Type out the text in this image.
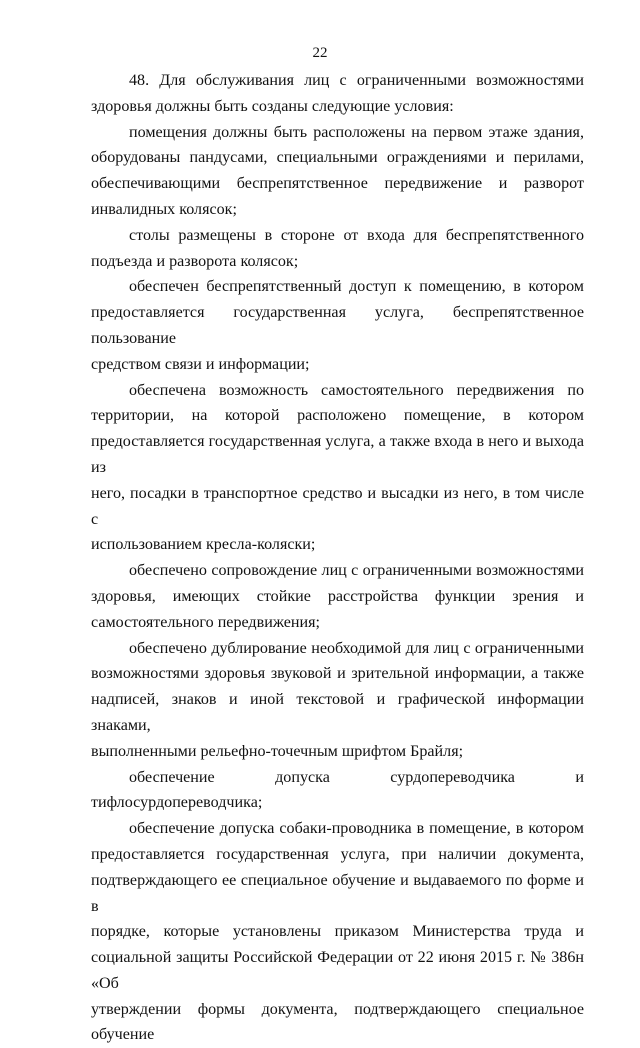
22

48. Для обслуживания лиц с ограниченными возможностями
здоровья должны быть созданы следующие условия:

помещения должны быть расположены на первом этаже здания,
оборудованы пандусами, специальными ограждениями и перилами,
обеспечивающими беспрепятственное передвижение и разворот
инвалидных колясок;

столы размещены в стороне от входа для беспрепятственного
подъезда и разворота колясок;

обеспечен беспрепятственный доступ к помещению, в котором
предоставляется государственная услуга, беспрепятственное пользование
средством связи и информации;

обеспечена возможность самостоятельного передвижения по
территории, на которой расположено помещение, в котором
предоставляется государственная услуга, а также входа в него и выхода из
него, посадки в транспортное средство и высадки из него, в том числе с
использованием кресла-коляски;

обеспечено сопровождение лиц с ограниченными возможностями
здоровья, имеющих стойкие расстройства функции зрения и
самостоятельного передвижения;

обеспечено дублирование необходимой для лиц с ограниченными
возможностями здоровья звуковой и зрительной информации, а также
надписей, знаков и иной текстовой и графической информации знаками,
выполненными рельефно-точечным шрифтом Брайля;

обеспечение допуска сурдопереводчика и тифлосурдопереводчика;

обеспечение допуска собаки-проводника в помещение, в котором
предоставляется государственная услуга, при наличии документа,
подтверждающего ее специальное обучение и выдаваемого по форме и в
порядке, которые установлены приказом Министерства труда и
социальной защиты Российской Федерации от 22 июня 2015 г. № 386н «Об
утверждении формы документа, подтверждающего специальное обучение
